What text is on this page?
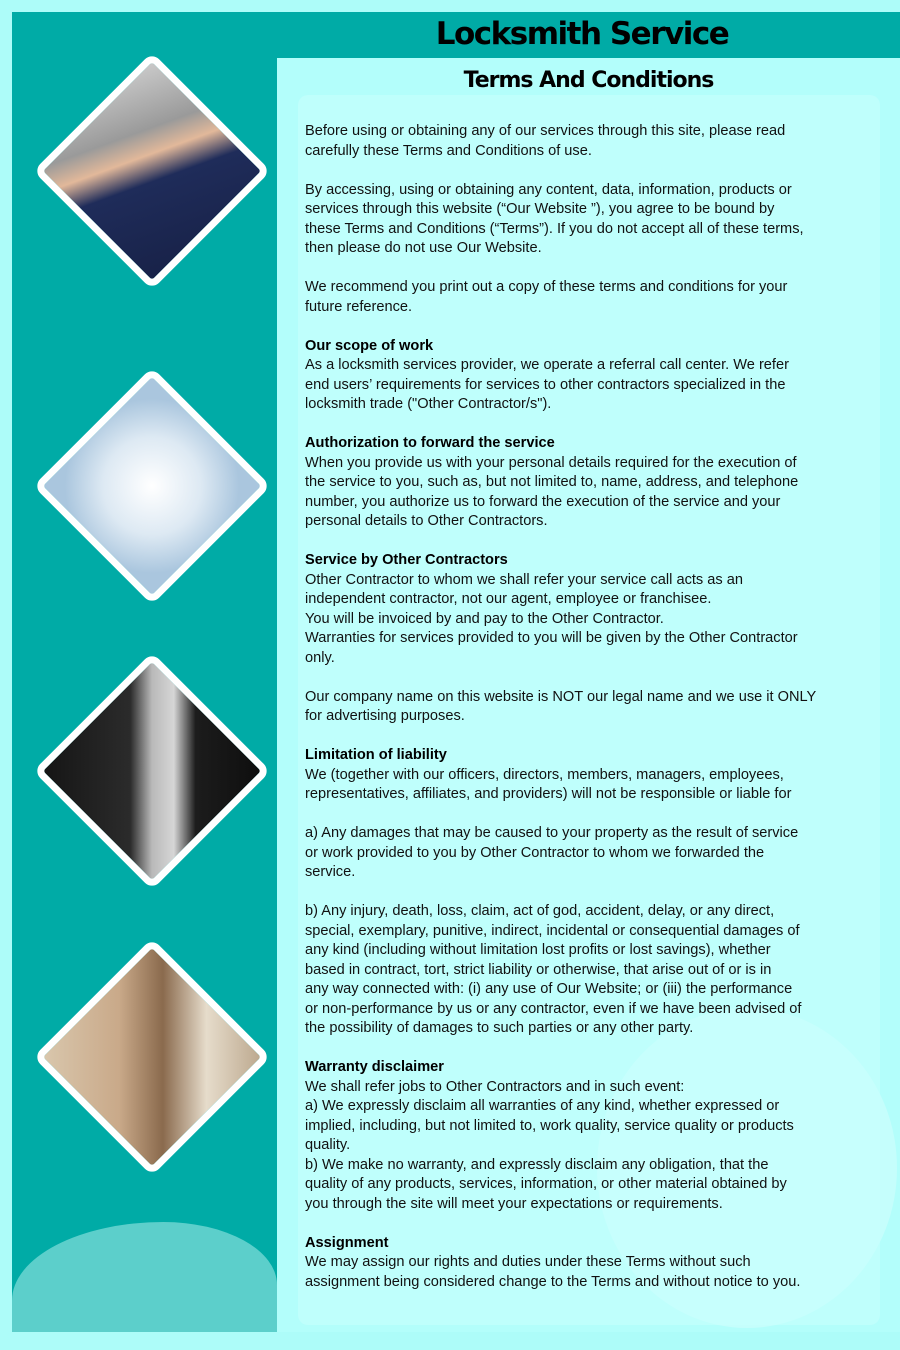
Locksmith Service
Terms And Conditions

Before using or obtaining any of our services through this site, please read
carefully these Terms and Conditions of use.

By accessing, using or obtaining any content, data, information, products or
services through this website (“Our Website ”), you agree to be bound by
these Terms and Conditions (“Terms”). If you do not accept all of these terms,
then please do not use Our Website.

We recommend you print out a copy of these terms and conditions for your
future reference.

Our scope of work

As a locksmith services provider, we operate a referral call center. We refer
end users’ requirements for services to other contractors specialized in the
locksmith trade ("Other Contractor/s").

Authorization to forward the service

When you provide us with your personal details required for the execution of
the service to you, such as, but not limited to, name, address, and telephone
number, you authorize us to forward the execution of the service and your
personal details to Other Contractors.

Service by Other Contractors

Other Contractor to whom we shall refer your service call acts as an
independent contractor, not our agent, employee or franchisee.
You will be invoiced by and pay to the Other Contractor.
Warranties for services provided to you will be given by the Other Contractor
only.

Our company name on this website is NOT our legal name and we use it ONLY
for advertising purposes.

Limitation of liability

We (together with our officers, directors, members, managers, employees,
representatives, affiliates, and providers) will not be responsible or liable for

a) Any damages that may be caused to your property as the result of service
or work provided to you by Other Contractor to whom we forwarded the
service.

b) Any injury, death, loss, claim, act of god, accident, delay, or any direct,
special, exemplary, punitive, indirect, incidental or consequential damages of
any kind (including without limitation lost profits or lost savings), whether
based in contract, tort, strict liability or otherwise, that arise out of or is in
any way connected with: (i) any use of Our Website; or (iii) the performance
or non-performance by us or any contractor, even if we have been advised of
the possibility of damages to such parties or any other party.

Warranty disclaimer

We shall refer jobs to Other Contractors and in such event:
a) We expressly disclaim all warranties of any kind, whether expressed or
implied, including, but not limited to, work quality, service quality or products
quality.
b) We make no warranty, and expressly disclaim any obligation, that the
quality of any products, services, information, or other material obtained by
you through the site will meet your expectations or requirements.

Assignment

We may assign our rights and duties under these Terms without such
assignment being considered change to the Terms and without notice to you.
